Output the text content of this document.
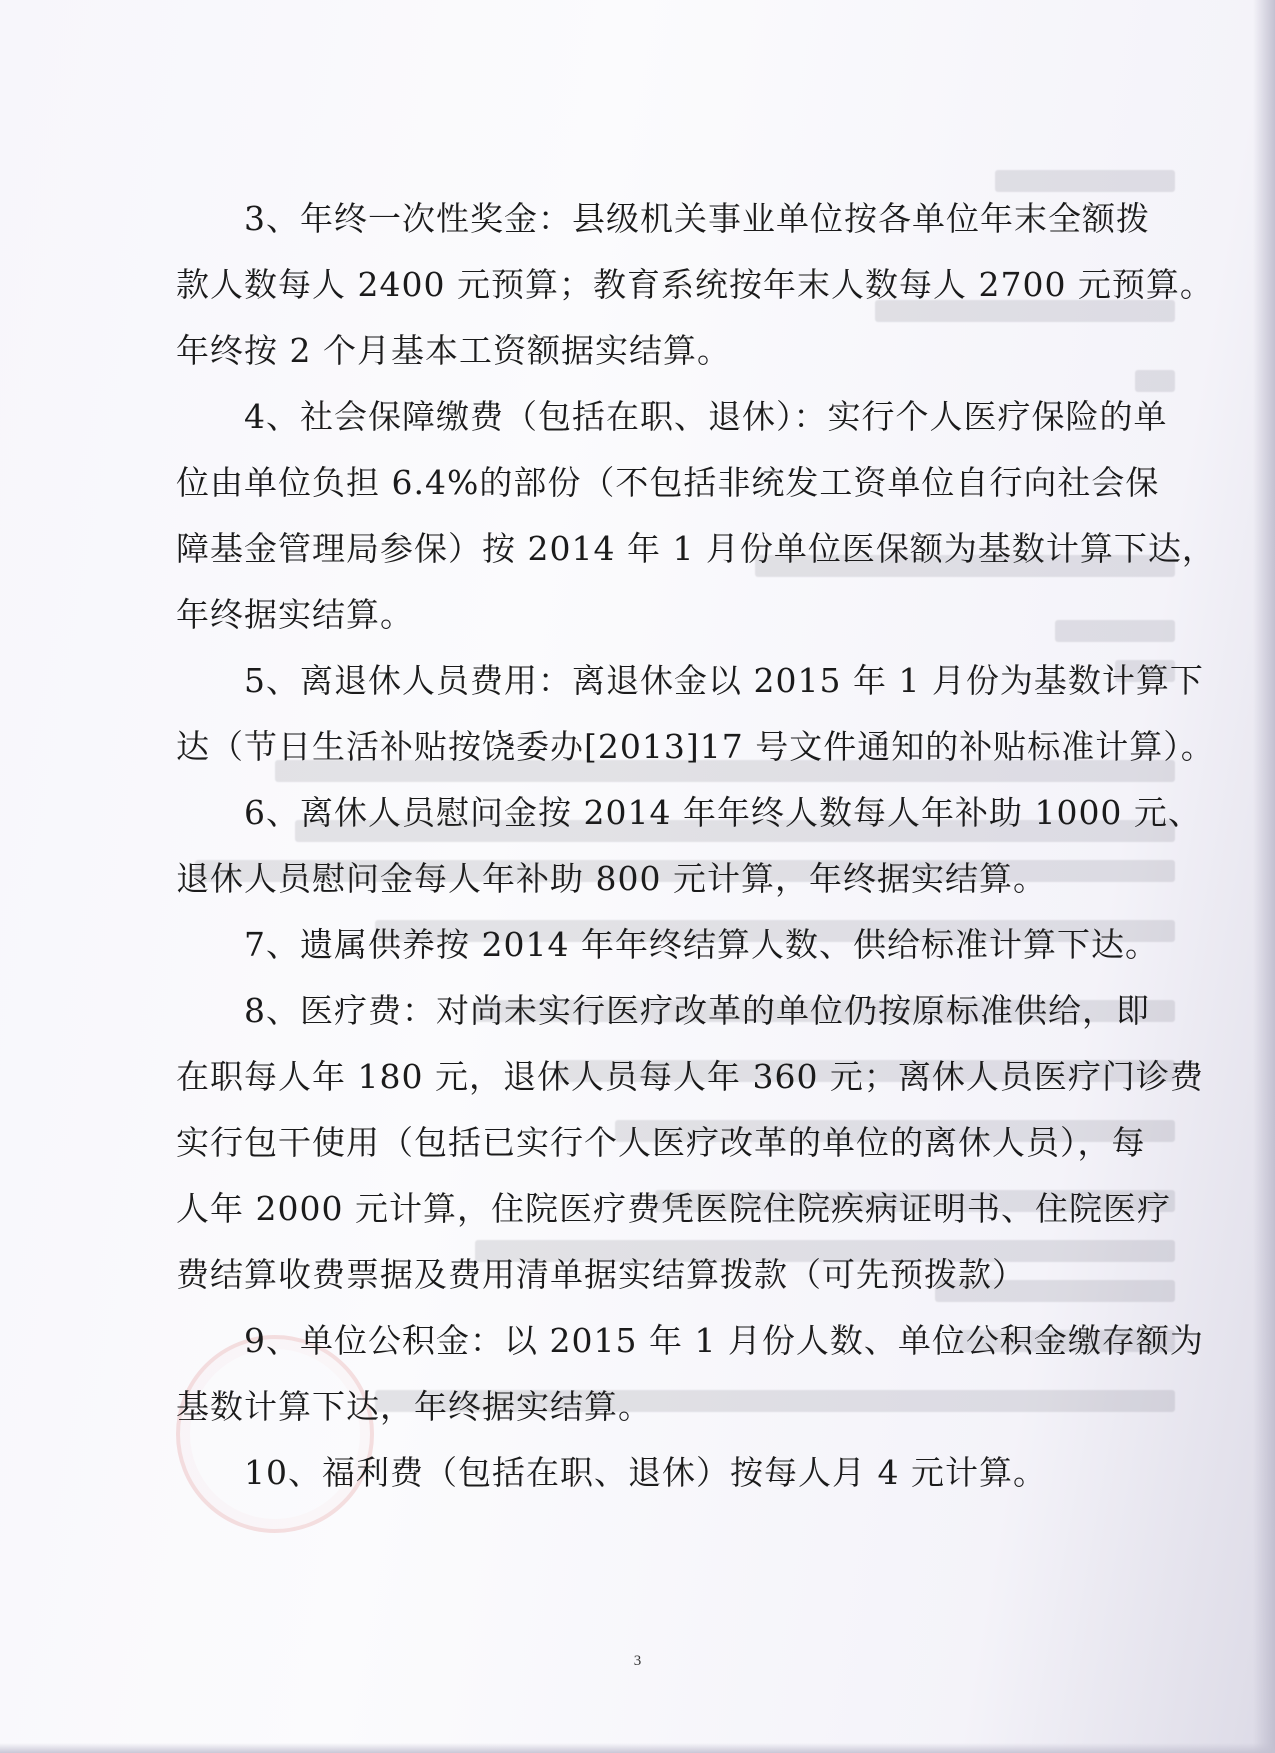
3、年终一次性奖金：县级机关事业单位按各单位年末全额拨
款人数每人 2400 元预算；教育系统按年末人数每人 2700 元预算。
年终按 2 个月基本工资额据实结算。
4、社会保障缴费（包括在职、退休）：实行个人医疗保险的单
位由单位负担 6.4%的部份（不包括非统发工资单位自行向社会保
障基金管理局参保）按 2014 年 1 月份单位医保额为基数计算下达，
年终据实结算。
5、离退休人员费用：离退休金以 2015 年 1 月份为基数计算下
达（节日生活补贴按饶委办[2013]17 号文件通知的补贴标准计算）。
6、离休人员慰问金按 2014 年年终人数每人年补助 1000 元、
退休人员慰问金每人年补助 800 元计算，年终据实结算。
7、遗属供养按 2014 年年终结算人数、供给标准计算下达。
8、医疗费：对尚未实行医疗改革的单位仍按原标准供给，即
在职每人年 180 元，退休人员每人年 360 元；离休人员医疗门诊费
实行包干使用（包括已实行个人医疗改革的单位的离休人员），每
人年 2000 元计算，住院医疗费凭医院住院疾病证明书、住院医疗
费结算收费票据及费用清单据实结算拨款（可先预拨款）
9、单位公积金：以 2015 年 1 月份人数、单位公积金缴存额为
基数计算下达，年终据实结算。
10、福利费（包括在职、退休）按每人月 4 元计算。
3
